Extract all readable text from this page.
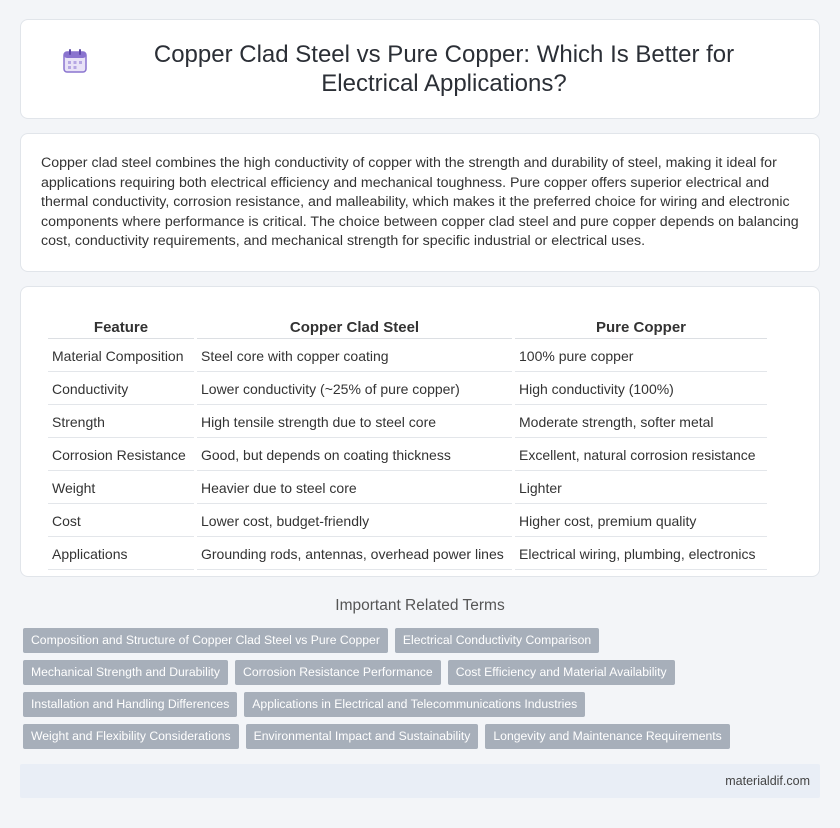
Copper Clad Steel vs Pure Copper: Which Is Better for Electrical Applications?

Copper clad steel combines the high conductivity of copper with the strength and durability of steel, making it ideal for applications requiring both electrical efficiency and mechanical toughness. Pure copper offers superior electrical and thermal conductivity, corrosion resistance, and malleability, which makes it the preferred choice for wiring and electronic components where performance is critical. The choice between copper clad steel and pure copper depends on balancing cost, conductivity requirements, and mechanical strength for specific industrial or electrical uses.

Feature	Copper Clad Steel	Pure Copper
Material Composition	Steel core with copper coating	100% pure copper
Conductivity	Lower conductivity (~25% of pure copper)	High conductivity (100%)
Strength	High tensile strength due to steel core	Moderate strength, softer metal
Corrosion Resistance	Good, but depends on coating thickness	Excellent, natural corrosion resistance
Weight	Heavier due to steel core	Lighter
Cost	Lower cost, budget-friendly	Higher cost, premium quality
Applications	Grounding rods, antennas, overhead power lines	Electrical wiring, plumbing, electronics
Important Related Terms
Composition and Structure of Copper Clad Steel vs Pure Copper	Electrical Conductivity Comparison
Mechanical Strength and Durability	Corrosion Resistance Performance	Cost Efficiency and Material Availability
Installation and Handling Differences	Applications in Electrical and Telecommunications Industries
Weight and Flexibility Considerations	Environmental Impact and Sustainability	Longevity and Maintenance Requirements
materialdif.com
